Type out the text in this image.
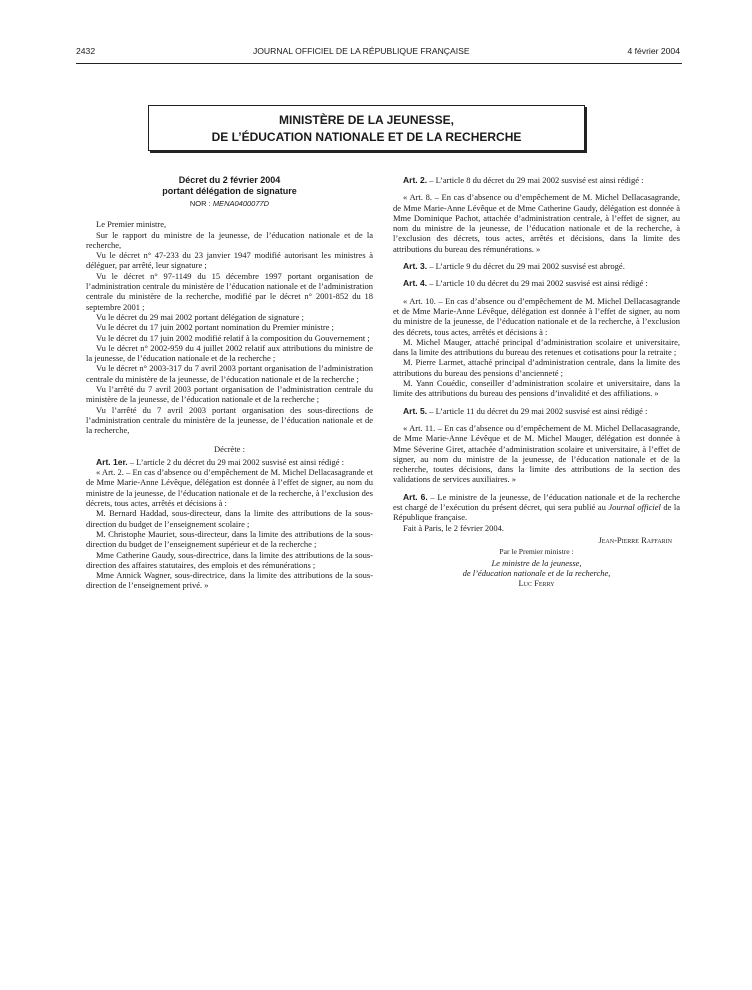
2432	JOURNAL OFFICIEL DE LA RÉPUBLIQUE FRANÇAISE	4 février 2004
MINISTÈRE DE LA JEUNESSE,
DE L’ÉDUCATION NATIONALE ET DE LA RECHERCHE
Décret du 2 février 2004
portant délégation de signature
NOR : MENA0400077D

Le Premier ministre,

Sur le rapport du ministre de la jeunesse, de l’éducation nationale et de la recherche,

Vu le décret n° 47-233 du 23 janvier 1947 modifié autorisant les ministres à déléguer, par arrêté, leur signature ;

Vu le décret n° 97-1149 du 15 décembre 1997 portant organisation de l’administration centrale du ministère de l’éducation nationale et de l’administration centrale du ministère de la recherche, modifié par le décret n° 2001-852 du 18 septembre 2001 ;

Vu le décret du 29 mai 2002 portant délégation de signature ;

Vu le décret du 17 juin 2002 portant nomination du Premier ministre ;

Vu le décret du 17 juin 2002 modifié relatif à la composition du Gouvernement ;

Vu le décret n° 2002-959 du 4 juillet 2002 relatif aux attributions du ministre de la jeunesse, de l’éducation nationale et de la recherche ;

Vu le décret n° 2003-317 du 7 avril 2003 portant organisation de l’administration centrale du ministère de la jeunesse, de l’éducation nationale et de la recherche ;

Vu l’arrêté du 7 avril 2003 portant organisation de l’administration centrale du ministère de la jeunesse, de l’éducation nationale et de la recherche ;

Vu l’arrêté du 7 avril 2003 portant organisation des sous-directions de l’administration centrale du ministère de la jeunesse, de l’éducation nationale et de la recherche,

Décrète :

Art. 1er. – L’article 2 du décret du 29 mai 2002 susvisé est ainsi rédigé :

« Art. 2. – En cas d’absence ou d’empêchement de M. Michel Dellacasagrande et de Mme Marie-Anne Lévêque, délégation est donnée à l’effet de signer, au nom du ministre de la jeunesse, de l’éducation nationale et de la recherche, à l’exclusion des décrets, tous actes, arrêtés et décisions à :

M. Bernard Haddad, sous-directeur, dans la limite des attributions de la sous-direction du budget de l’enseignement scolaire ;

M. Christophe Mauriet, sous-directeur, dans la limite des attributions de la sous-direction du budget de l’enseignement supérieur et de la recherche ;

Mme Catherine Gaudy, sous-directrice, dans la limite des attributions de la sous-direction des affaires statutaires, des emplois et des rémunérations ;

Mme Annick Wagner, sous-directrice, dans la limite des attributions de la sous-direction de l’enseignement privé. »

Art. 2. – L’article 8 du décret du 29 mai 2002 susvisé est ainsi rédigé :

« Art. 8. – En cas d’absence ou d’empêchement de M. Michel Dellacasagrande, de Mme Marie-Anne Lévêque et de Mme Catherine Gaudy, délégation est donnée à Mme Dominique Pachot, attachée d’administration centrale, à l’effet de signer, au nom du ministre de la jeunesse, de l’éducation nationale et de la recherche, à l’exclusion des décrets, tous actes, arrêtés et décisions, dans la limite des attributions du bureau des rémunérations. »

Art. 3. – L’article 9 du décret du 29 mai 2002 susvisé est abrogé.

Art. 4. – L’article 10 du décret du 29 mai 2002 susvisé est ainsi rédigé :

« Art. 10. – En cas d’absence ou d’empêchement de M. Michel Dellacasagrande et de Mme Marie-Anne Lévêque, délégation est donnée à l’effet de signer, au nom du ministre de la jeunesse, de l’éducation nationale et de la recherche, à l’exclusion des décrets, tous actes, arrêtés et décisions à :

M. Michel Mauger, attaché principal d’administration scolaire et universitaire, dans la limite des attributions du bureau des retenues et cotisations pour la retraite ;

M. Pierre Larmet, attaché principal d’administration centrale, dans la limite des attributions du bureau des pensions d’ancienneté ;

M. Yann Couédic, conseiller d’administration scolaire et universitaire, dans la limite des attributions du bureau des pensions d’invalidité et des affiliations. »

Art. 5. – L’article 11 du décret du 29 mai 2002 susvisé est ainsi rédigé :

« Art. 11. – En cas d’absence ou d’empêchement de M. Michel Dellacasagrande, de Mme Marie-Anne Lévêque et de M. Michel Mauger, délégation est donnée à Mme Séverine Giret, attachée d’administration scolaire et universitaire, à l’effet de signer, au nom du ministre de la jeunesse, de l’éducation nationale et de la recherche, toutes décisions, dans la limite des attributions de la section des validations de services auxiliaires. »

Art. 6. – Le ministre de la jeunesse, de l’éducation nationale et de la recherche est chargé de l’exécution du présent décret, qui sera publié au Journal officiel de la République française.

Fait à Paris, le 2 février 2004.

Jean-Pierre Raffarin

Par le Premier ministre :

Le ministre de la jeunesse,

de l’éducation nationale et de la recherche,

Luc Ferry
